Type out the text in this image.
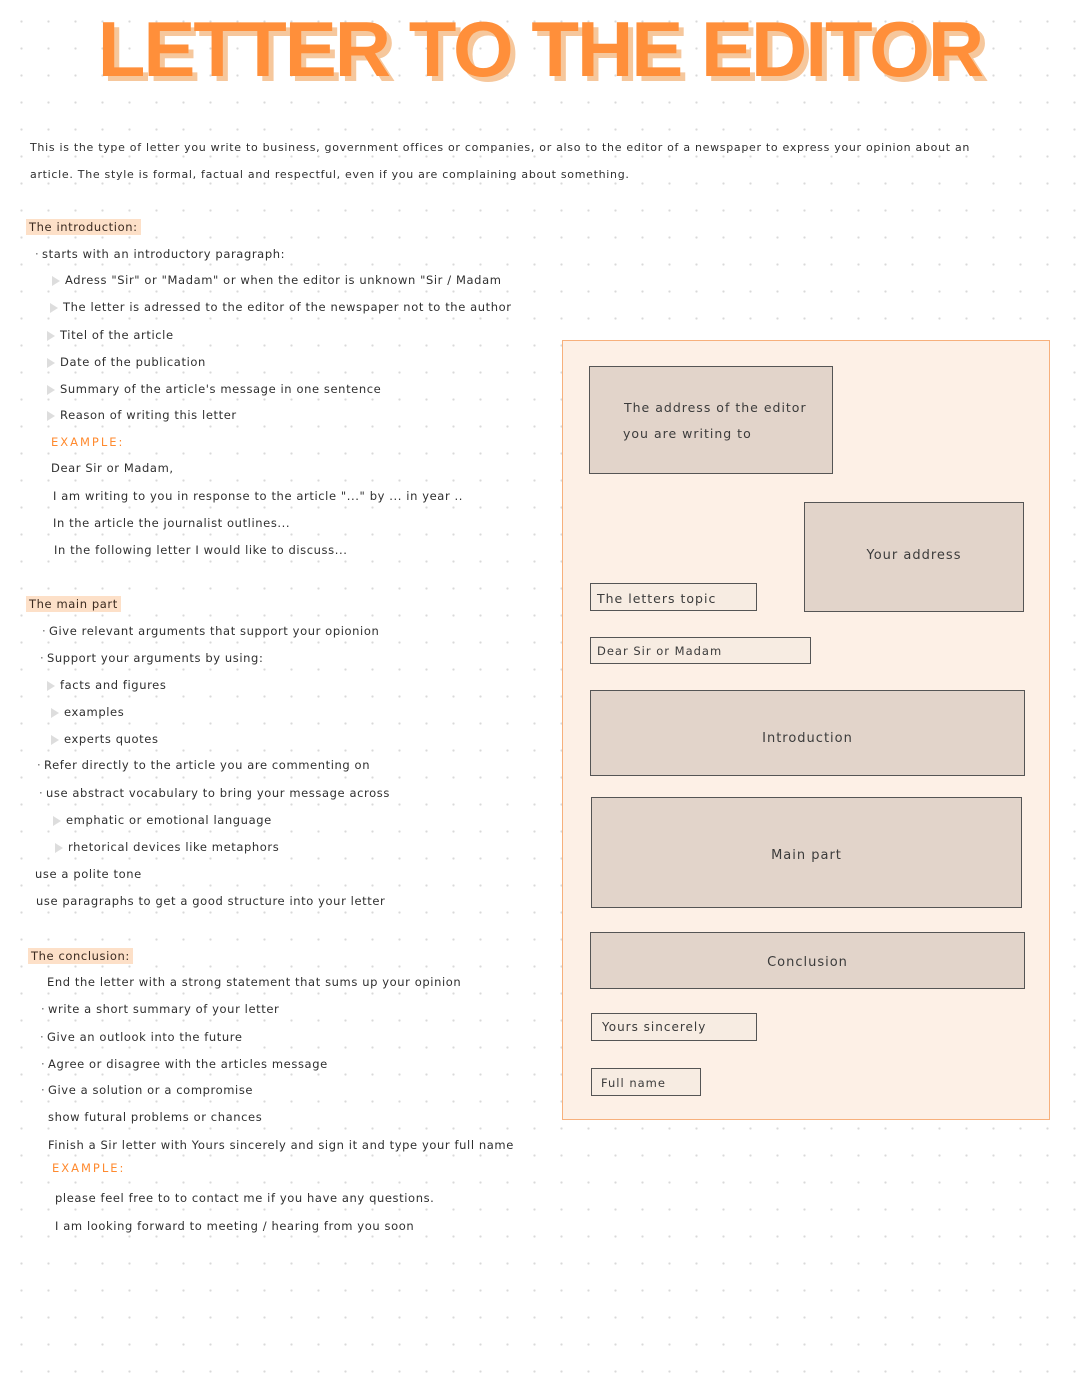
LETTER TO THE EDITOR
This is the type of letter you write to business, government offices or companies, or also to the editor of a newspaper to express your opinion about an
article. The style is formal, factual and respectful, even if you are complaining about something.
The introduction:
· starts with an introductory paragraph:
Adress "Sir" or "Madam" or when the editor is unknown "Sir / Madam
The letter is adressed to the editor of the newspaper not to the author
Titel of the article
Date of the publication
Summary of the article's message in one sentence
Reason of writing this letter
EXAMPLE:
Dear Sir or Madam,
I am writing to you in response to the article "..." by ... in year ..
In the article the journalist outlines...
In the following letter I would like to discuss...
The main part
· Give relevant arguments that support your opionion
· Support your arguments by using:
facts and figures
examples
experts quotes
· Refer directly to the article you are commenting on
· use abstract vocabulary to bring your message across
emphatic or emotional language
rhetorical devices like metaphors
use a polite tone
use paragraphs to get a good structure into your letter
The conclusion:
End the letter with a strong statement that sums up your opinion
· write a short summary of your letter
· Give an outlook into the future
· Agree or disagree with the articles message
· Give a solution or a compromise
show futural problems or chances
Finish a Sir letter with Yours sincerely and sign it and type your full name
EXAMPLE:
please feel free to to contact me if you have any questions.
I am looking forward to meeting / hearing from you soon
The address of the editor
you are writing to
Your address
The letters topic
Dear Sir or Madam
Introduction
Main part
Conclusion
Yours sincerely
Full name
